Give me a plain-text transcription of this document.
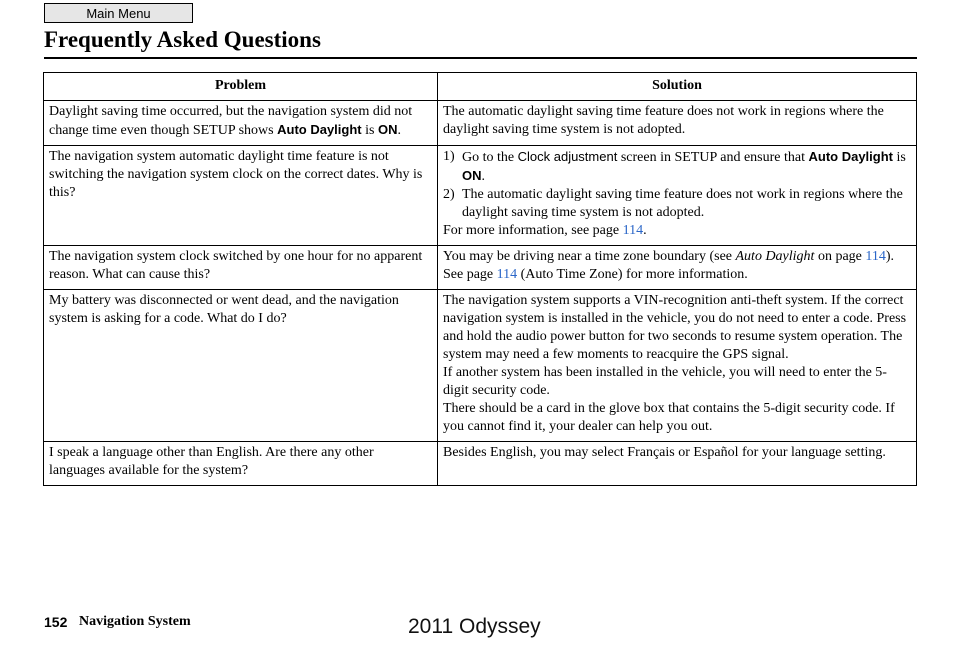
Main Menu
Frequently Asked Questions
Problem	Solution
Daylight saving time occurred, but the navigation system did not change time even though SETUP shows Auto Daylight is ON.	The automatic daylight saving time feature does not work in regions where the daylight saving time system is not adopted.
The navigation system automatic daylight time feature is not switching the navigation system clock on the correct dates. Why is this?	1) Go to the Clock adjustment screen in SETUP and ensure that Auto Daylight is ON.
2) The automatic daylight saving time feature does not work in regions where the daylight saving time system is not adopted.
For more information, see page 114.

The navigation system clock switched by one hour for no apparent reason. What can cause this?	You may be driving near a time zone boundary (see Auto Daylight on page 114). See page 114 (Auto Time Zone) for more information.
My battery was disconnected or went dead, and the navigation system is asking for a code. What do I do?	The navigation system supports a VIN-recognition anti-theft system. If the correct navigation system is installed in the vehicle, you do not need to enter a code. Press and hold the audio power button for two seconds to resume system operation. The system may need a few moments to reacquire the GPS signal.
If another system has been installed in the vehicle, you will need to enter the 5-digit security code.
There should be a card in the glove box that contains the 5-digit security code. If you cannot find it, your dealer can help you out.

I speak a language other than English. Are there any other languages available for the system?	Besides English, you may select Français or Español for your language setting.
152 Navigation System	2011 Odyssey
